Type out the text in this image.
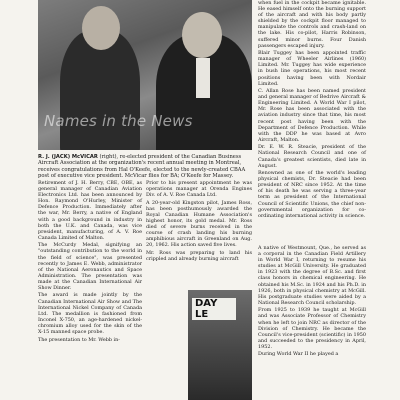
Names in the News
R. J. (JACK) McVICAR (right), re-elected president of the Canadian Business Aircraft Association at the organization's recent annual meeting in Montreal, receives congratulations from Hal O'Keefe, elected to the newly-created CBAA post of executive vice president. McVicar flies for BA; O'Keefe for Massey.

Retirement of J. H. Berry, CBE, OBE, as general manager of Canadian Aviation Electronics Ltd. has been announced by Hon. Raymond O'Hurley, Minister of Defence Production. Immediately after the war, Mr. Berry, a native of England with a good background in industry in both the U.K. and Canada, was vice president, manufacturing, of A. V. Roe Canada Limited of Malton.

The McCurdy Medal, signifying an "outstanding contribution to the world in the field of science", was presented recently to James E. Webb, administrator of the National Aeronautics and Space Administration. The presentation was made at the Canadian International Air Show Dinner.

The award is made jointly by the Canadian International Air Show and The International Nickel Company of Canada Ltd. The medallion is fashioned from Inconel X-750, an age-hardened nickel-chromium alloy used for the skin of the X-15 manned space probe.

The presentation to Mr. Webb in-

Prior to his present appointment he was operations manager at Orenda Engines Div. of A. V. Roe Canada Ltd.

A 20-year-old Kingston pilot, James Ross, has been posthumously awarded the Royal Canadian Humane Association's highest honor, its gold medal. Mr. Ross died of severe burns received in the course of crash landing his burning amphibious aircraft in Greenland on Aug. 20, 1962. His action saved five lives.

Mr. Ross was preparing to land his crippled and already burning aircraft

DAY
LE

when fuel in the cockpit became ignitable. He eased himself onto the burning support of the aircraft and with his body partly shielded by the cockpit floor managed to manipulate the controls and crash-land on the lake. His co-pilot, Harris Robinson, suffered minor burns. Four Danish passengers escaped injury.

Blair Tuggey has been appointed traffic manager of Wheeler Airlines (1960) Limited. Mr. Tuggey has wide experience in bush line operations, his most recent positions having been with Nordair Limited.

C. Allan Rose has been named president and general manager of Bedrive Aircraft & Engineering Limited. A World War I pilot, Mr. Rose has been associated with the aviation industry since that time, his most recent post having been with the Department of Defence Production. While with the DDP he was based at Avro Aircraft, Malton.

Dr. E. W. R. Steacie, president of the National Research Council and one of Canada's greatest scientists, died late in August.

Renowned as one of the world's leading physical chemists, Dr. Steacie had been president of NRC since 1952. At the time of his death he was serving a three-year term as president of the International Council of Scientific Unions, the chief non-governmental organization for co-ordinating international activity in science.

A native of Westmount, Que., he served as a corporal in the Canadian Field Artillery in World War I, returning to resume his studies at McGill University. He graduated in 1923 with the degree of B.Sc. and first class honors in chemical engineering. He obtained his M.Sc. in 1924 and his Ph.D. in 1926, both in physical chemistry at McGill. His postgraduate studies were aided by a National Research Council scholarship.

From 1925 to 1939 he taught at McGill and was Associate Professor of Chemistry when he left to join NRC as director of the Division of Chemistry. He became the Council's vice-president (scientific) in 1950 and succeeded to the presidency in April, 1952.

During World War II he played a
